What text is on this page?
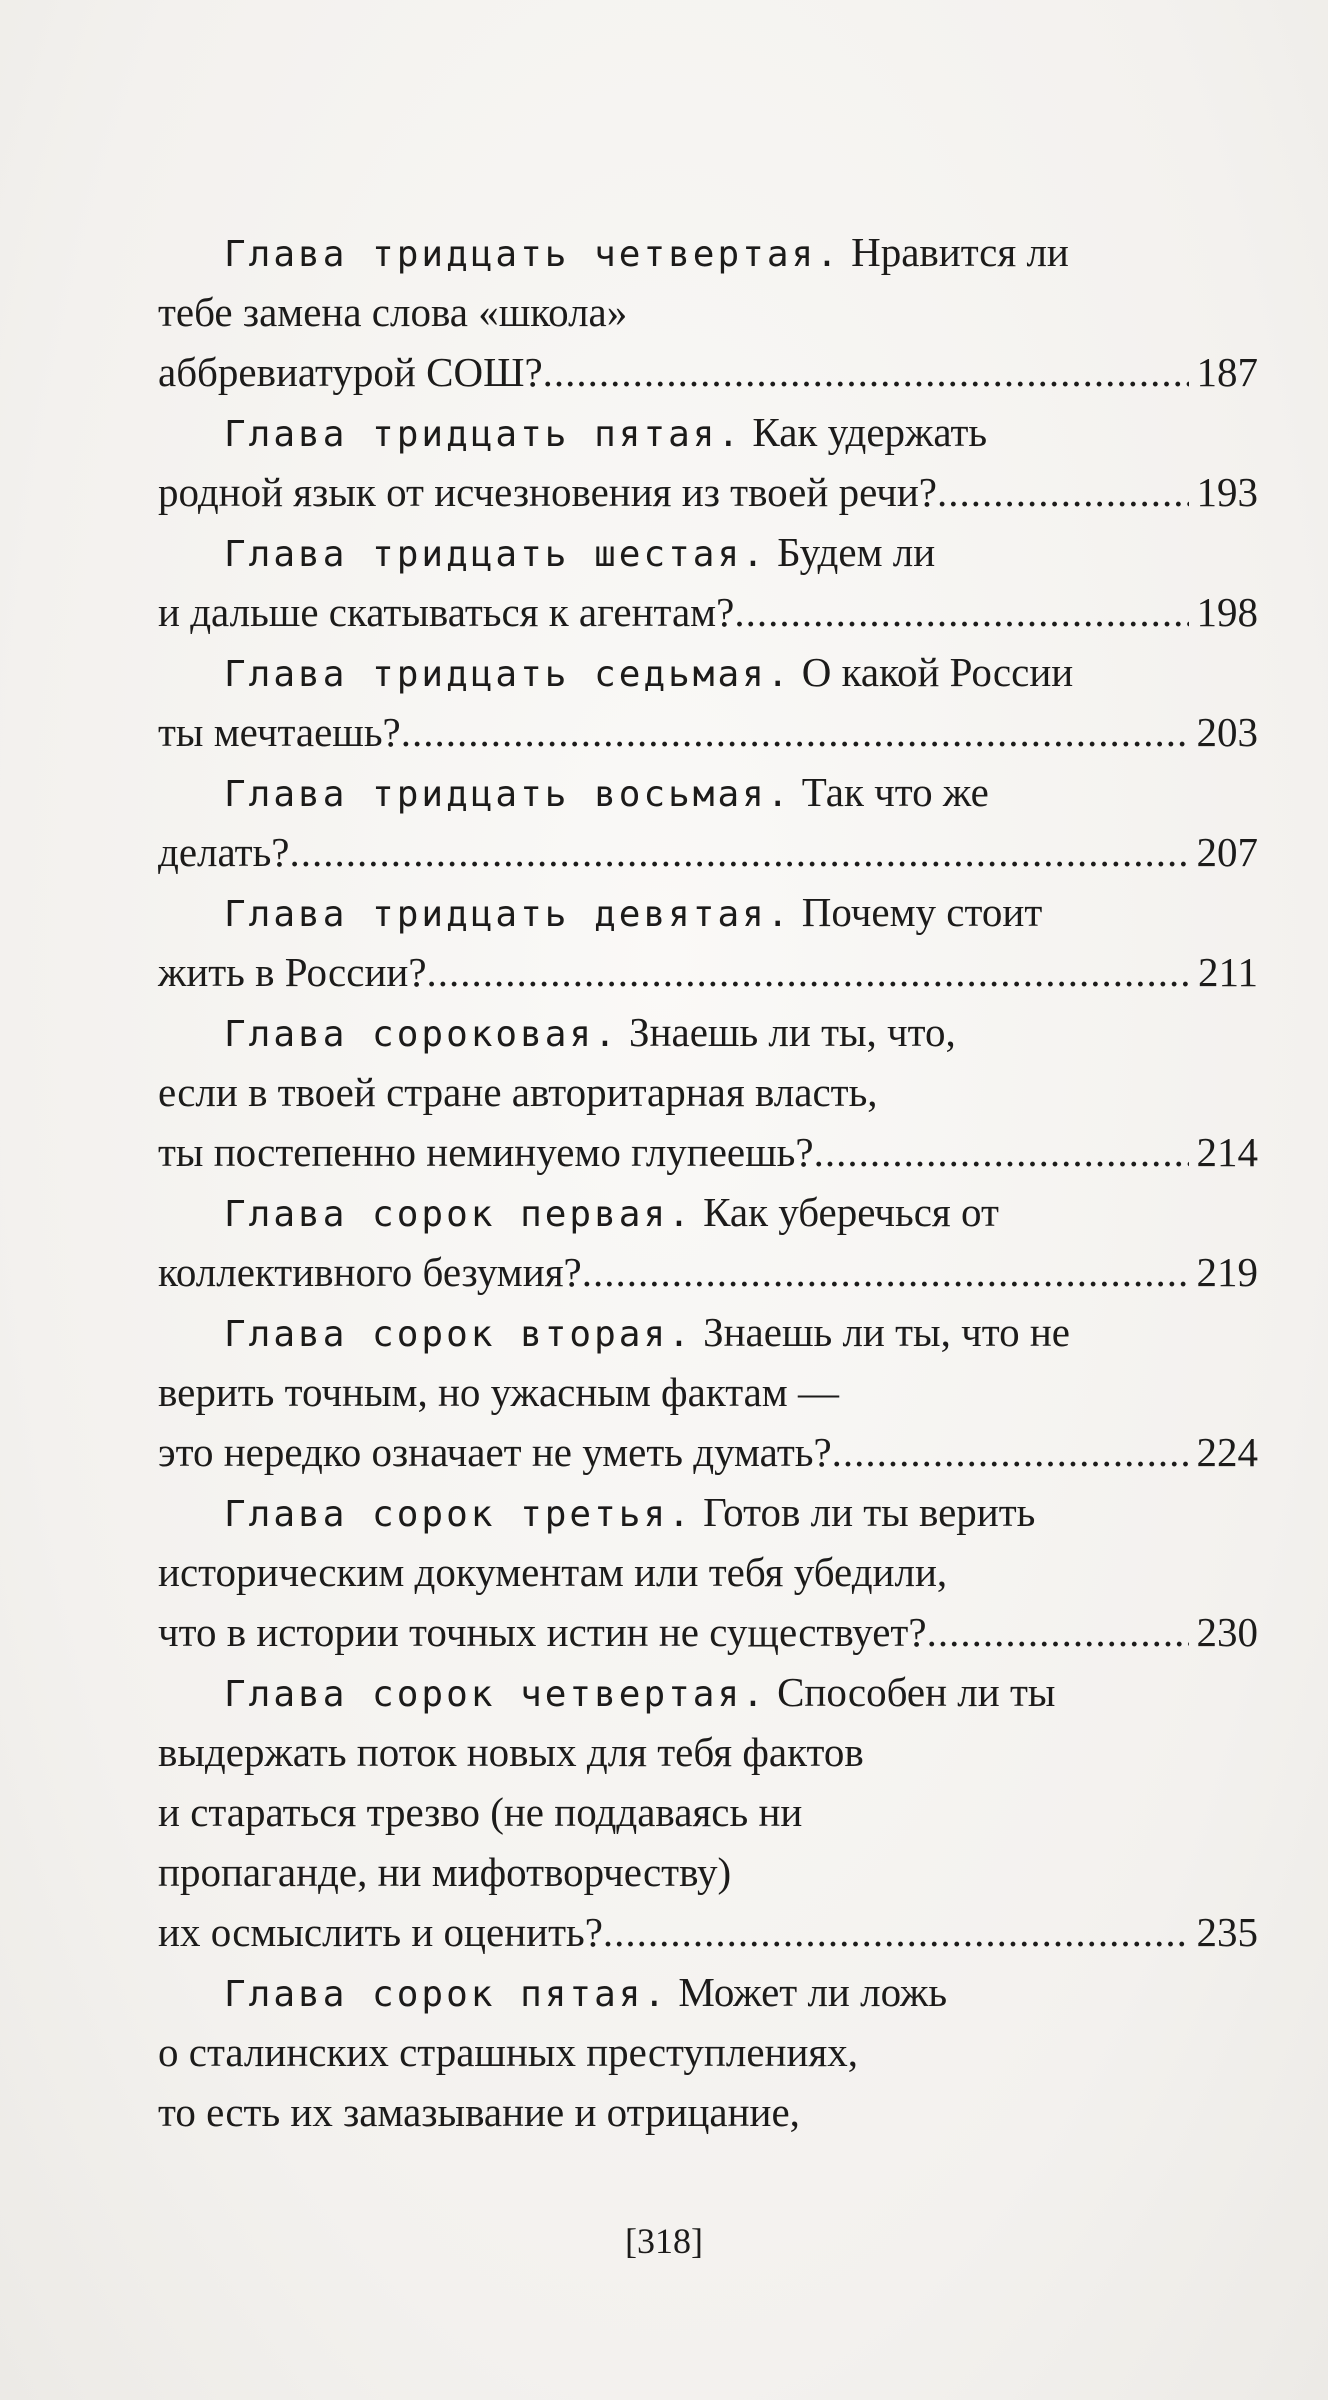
Глава тридцать четвертая. Нравится ли
тебе замена слова «школа»
аббревиатурой СОШ? .....	187
Глава тридцать пятая. Как удержать
родной язык от исчезновения из твоей речи? .....	193
Глава тридцать шестая. Будем ли
и дальше скатываться к агентам? .....	198
Глава тридцать седьмая. О какой России
ты мечтаешь? .....	203
Глава тридцать восьмая. Так что же
делать? .....	207
Глава тридцать девятая. Почему стоит
жить в России? .....	211
Глава сороковая. Знаешь ли ты, что,
если в твоей стране авторитарная власть,
ты постепенно неминуемо глупеешь? .....	214
Глава сорок первая. Как уберечься от
коллективного безумия? .....	219
Глава сорок вторая. Знаешь ли ты, что не
верить точным, но ужасным фактам —
это нередко означает не уметь думать? .....	224
Глава сорок третья. Готов ли ты верить
историческим документам или тебя убедили,
что в истории точных истин не существует? .....	230
Глава сорок четвертая. Способен ли ты
выдержать поток новых для тебя фактов
и стараться трезво (не поддаваясь ни
пропаганде, ни мифотворчеству)
их осмыслить и оценить? .....	235
Глава сорок пятая. Может ли ложь
о сталинских страшных преступлениях,
то есть их замазывание и отрицание,
[318]
